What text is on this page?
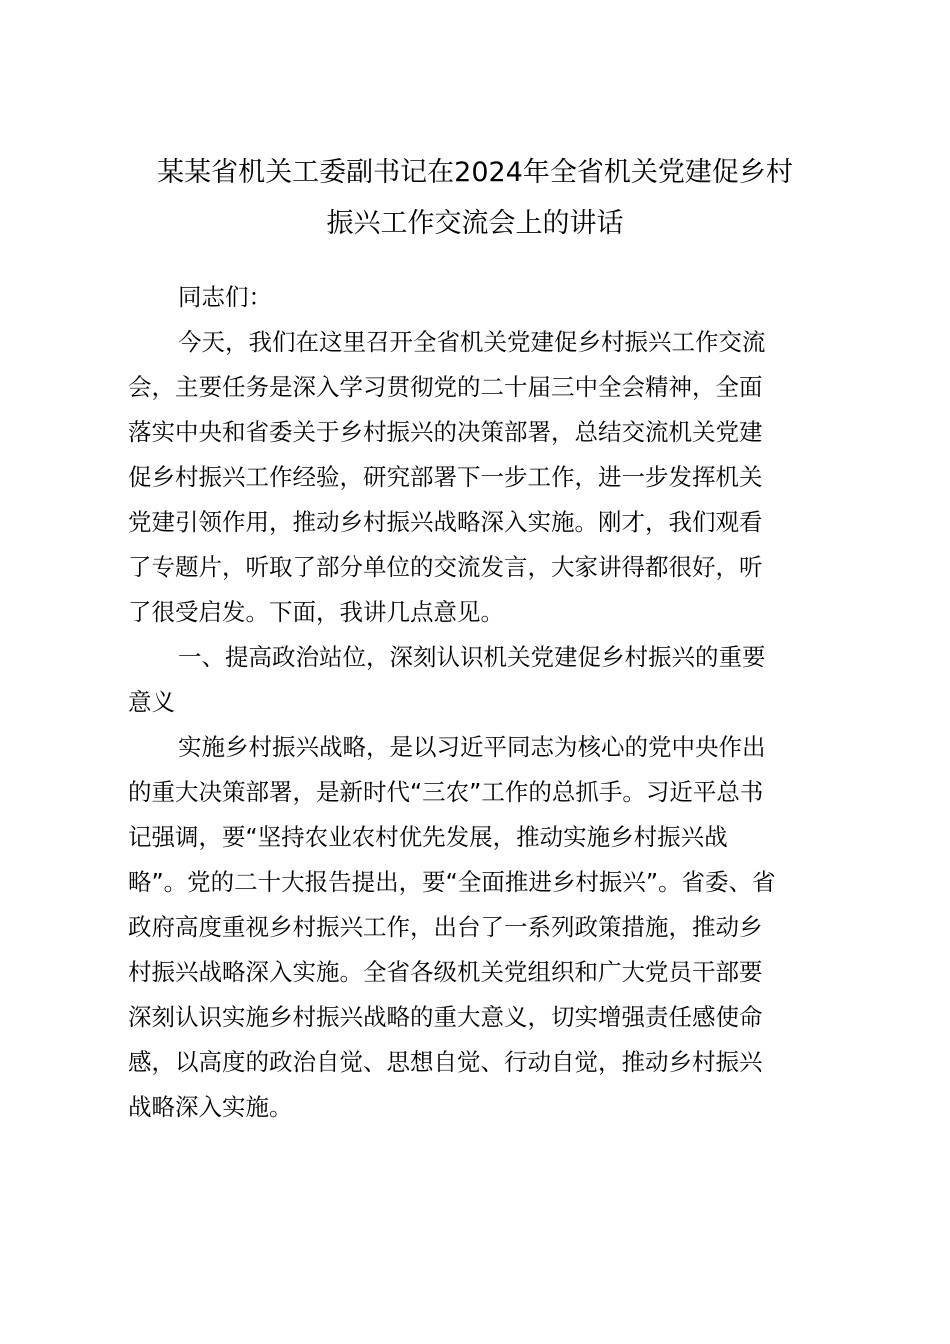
某某省机关工委副书记在2024年全省机关党建促乡村
振兴工作交流会上的讲话
同志们：
今天，我们在这里召开全省机关党建促乡村振兴工作交流
会，主要任务是深入学习贯彻党的二十届三中全会精神，全面
落实中央和省委关于乡村振兴的决策部署，总结交流机关党建
促乡村振兴工作经验，研究部署下一步工作，进一步发挥机关
党建引领作用，推动乡村振兴战略深入实施。刚才，我们观看
了专题片，听取了部分单位的交流发言，大家讲得都很好，听
了很受启发。下面，我讲几点意见。
一、提高政治站位，深刻认识机关党建促乡村振兴的重要
意义
实施乡村振兴战略，是以习近平同志为核心的党中央作出
的重大决策部署，是新时代“三农”工作的总抓手。习近平总书
记强调，要“坚持农业农村优先发展，推动实施乡村振兴战
略”。党的二十大报告提出，要“全面推进乡村振兴”。省委、省
政府高度重视乡村振兴工作，出台了一系列政策措施，推动乡
村振兴战略深入实施。全省各级机关党组织和广大党员干部要
深刻认识实施乡村振兴战略的重大意义，切实增强责任感使命
感，以高度的政治自觉、思想自觉、行动自觉，推动乡村振兴
战略深入实施。
